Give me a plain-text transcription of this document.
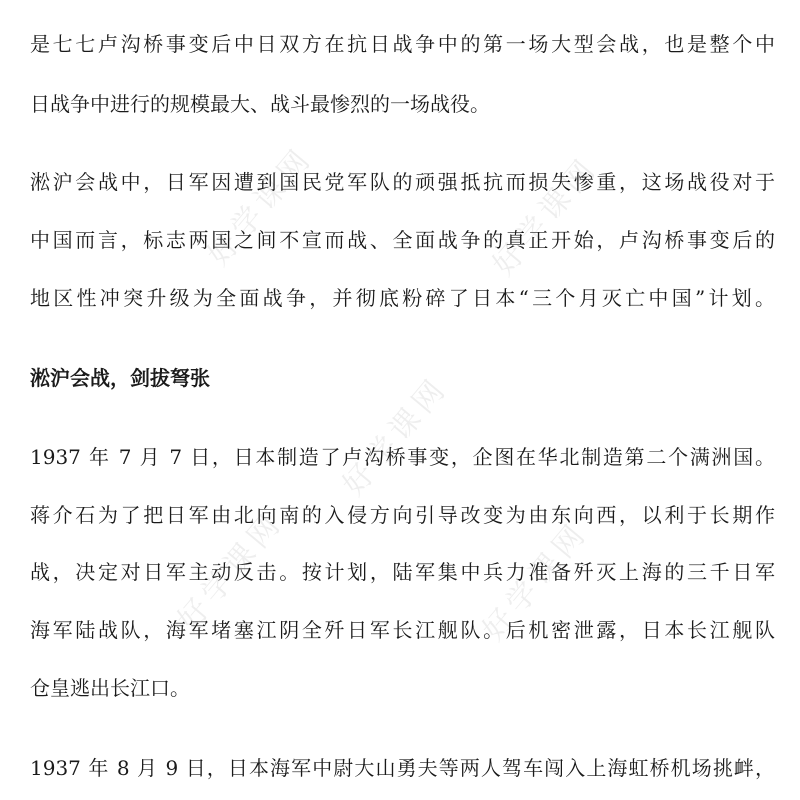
好学课网	好学课网
好学课网
好学课网	好学课网
是七七卢沟桥事变后中日双方在抗日战争中的第一场大型会战，也是整个中
日战争中进行的规模最大、战斗最惨烈的一场战役。
淞沪会战中，日军因遭到国民党军队的顽强抵抗而损失惨重，这场战役对于
中国而言，标志两国之间不宣而战、全面战争的真正开始，卢沟桥事变后的
地区性冲突升级为全面战争，并彻底粉碎了日本“三个月灭亡中国”计划。
淞沪会战，剑拔弩张
1937 年 7 月 7 日，日本制造了卢沟桥事变，企图在华北制造第二个满洲国。
蒋介石为了把日军由北向南的入侵方向引导改变为由东向西，以利于长期作
战，决定对日军主动反击。按计划，陆军集中兵力准备歼灭上海的三千日军
海军陆战队，海军堵塞江阴全歼日军长江舰队。后机密泄露，日本长江舰队
仓皇逃出长江口。
1937 年 8 月 9 日，日本海军中尉大山勇夫等两人驾车闯入上海虹桥机场挑衅，
